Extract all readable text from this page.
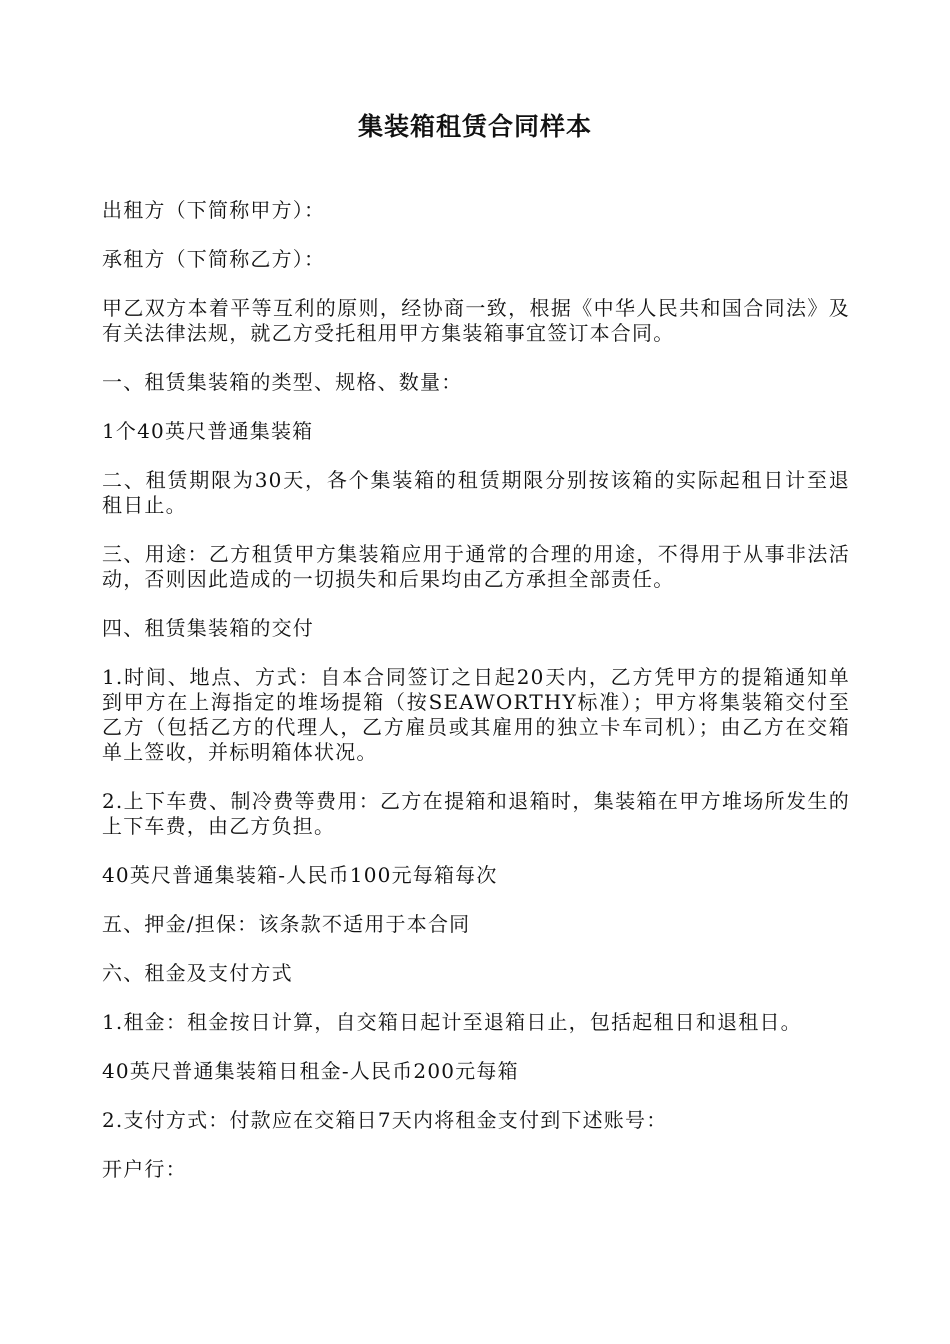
集装箱租赁合同样本

出租方（下简称甲方）：

承租方（下简称乙方）：

甲乙双方本着平等互利的原则，经协商一致，根据《中华人民共和国合同法》及有关法律法规，就乙方受托租用甲方集装箱事宜签订本合同。

一、租赁集装箱的类型、规格、数量：

1个40英尺普通集装箱

二、租赁期限为30天，各个集装箱的租赁期限分别按该箱的实际起租日计至退租日止。

三、用途：乙方租赁甲方集装箱应用于通常的合理的用途，不得用于从事非法活动，否则因此造成的一切损失和后果均由乙方承担全部责任。

四、租赁集装箱的交付

1.时间、地点、方式：自本合同签订之日起20天内，乙方凭甲方的提箱通知单到甲方在上海指定的堆场提箱（按SEAWORTHY标准）；甲方将集装箱交付至乙方（包括乙方的代理人，乙方雇员或其雇用的独立卡车司机）；由乙方在交箱单上签收，并标明箱体状况。

2.上下车费、制冷费等费用：乙方在提箱和退箱时，集装箱在甲方堆场所发生的上下车费，由乙方负担。

40英尺普通集装箱-人民币100元每箱每次

五、押金/担保：该条款不适用于本合同

六、租金及支付方式

1.租金：租金按日计算，自交箱日起计至退箱日止，包括起租日和退租日。

40英尺普通集装箱日租金-人民币200元每箱

2.支付方式：付款应在交箱日7天内将租金支付到下述账号：

开户行：
